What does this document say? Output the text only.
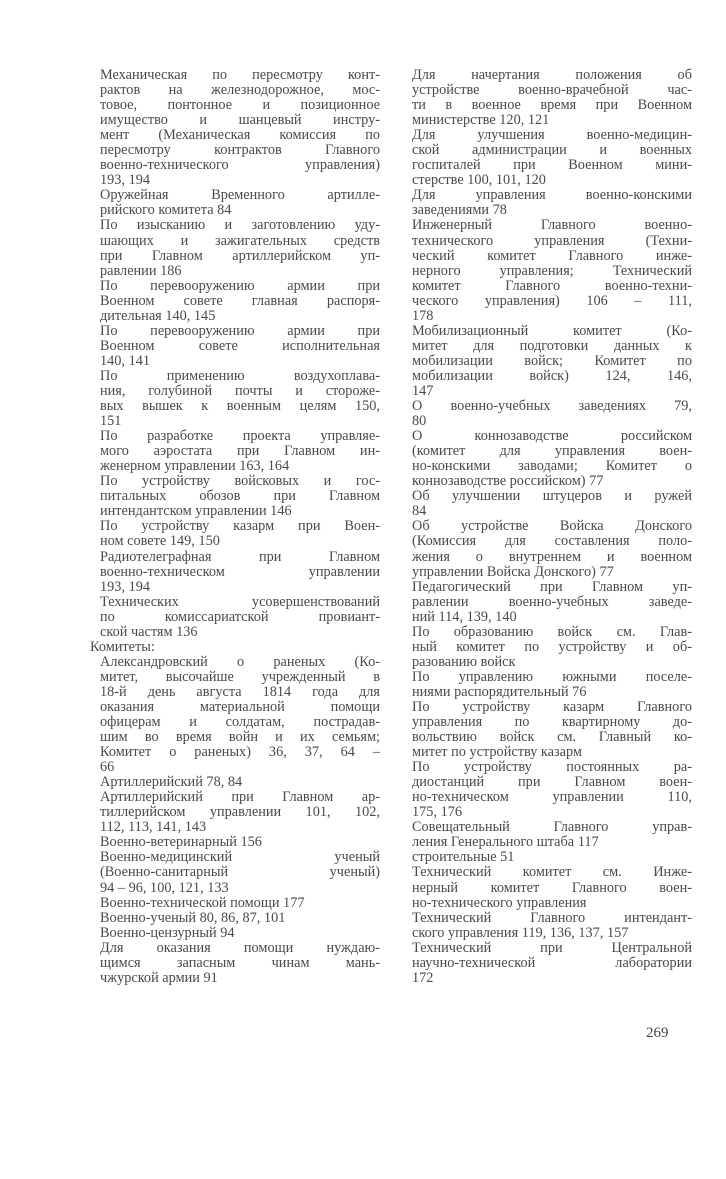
Механическая по пересмотру конт-
рактов на железнодорожное, мос-
товое, понтонное и позиционное
имущество и шанцевый инстру-
мент (Механическая комиссия по
пересмотру контрактов Главного
военно-технического управления)
193, 194
Оружейная Временного артилле-
рийского комитета 84
По изысканию и заготовлению уду-
шающих и зажигательных средств
при Главном артиллерийском уп-
равлении 186
По перевооружению армии при
Военном совете главная распоря-
дительная 140, 145
По перевооружению армии при
Военном совете исполнительная
140, 141
По применению воздухоплава-
ния, голубиной почты и стороже-
вых вышек к военным целям 150,
151
По разработке проекта управляе-
мого аэростата при Главном ин-
женерном управлении 163, 164
По устройству войсковых и гос-
питальных обозов при Главном
интендантском управлении 146
По устройству казарм при Воен-
ном совете 149, 150
Радиотелеграфная при Главном
военно-техническом управлении
193, 194
Технических усовершенствований
по комиссариатской провиант-
ской частям 136
Комитеты:
Александровский о раненых (Ко-
митет, высочайше учрежденный в
18-й день августа 1814 года для
оказания материальной помощи
офицерам и солдатам, пострадав-
шим во время войн и их семьям;
Комитет о раненых) 36, 37, 64 –
66
Артиллерийский 78, 84
Артиллерийский при Главном ар-
тиллерийском управлении 101, 102,
112, 113, 141, 143
Военно-ветеринарный 156
Военно-медицинский ученый
(Военно-санитарный ученый)
94 – 96, 100, 121, 133
Военно-технической помощи 177
Военно-ученый 80, 86, 87, 101
Военно-цензурный 94
Для оказания помощи нуждаю-
щимся запасным чинам мань-
чжурской армии 91
Для начертания положения об
устройстве военно-врачебной час-
ти в военное время при Военном
министерстве 120, 121
Для улучшения военно-медицин-
ской администрации и военных
госпиталей при Военном мини-
стерстве 100, 101, 120
Для управления военно-конскими
заведениями 78
Инженерный Главного военно-
технического управления (Техни-
ческий комитет Главного инже-
нерного управления; Технический
комитет Главного военно-техни-
ческого управления) 106 – 111,
178
Мобилизационный комитет (Ко-
митет для подготовки данных к
мобилизации войск; Комитет по
мобилизации войск) 124, 146,
147
О военно-учебных заведениях 79,
80
О коннозаводстве российском
(комитет для управления воен-
но-конскими заводами; Комитет о
коннозаводстве российском) 77
Об улучшении штуцеров и ружей
84
Об устройстве Войска Донского
(Комиссия для составления поло-
жения о внутреннем и военном
управлении Войска Донского) 77
Педагогический при Главном уп-
равлении военно-учебных заведе-
ний 114, 139, 140
По образованию войск см. Глав-
ный комитет по устройству и об-
разованию войск
По управлению южными поселе-
ниями распорядительный 76
По устройству казарм Главного
управления по квартирному до-
вольствию войск см. Главный ко-
митет по устройству казарм
По устройству постоянных ра-
диостанций при Главном воен-
но-техническом управлении 110,
175, 176
Совещательный Главного управ-
ления Генерального штаба 117
строительные 51
Технический комитет см. Инже-
нерный комитет Главного воен-
но-технического управления
Технический Главного интендант-
ского управления 119, 136, 137, 157
Технический при Центральной
научно-технической лаборатории
172
269
